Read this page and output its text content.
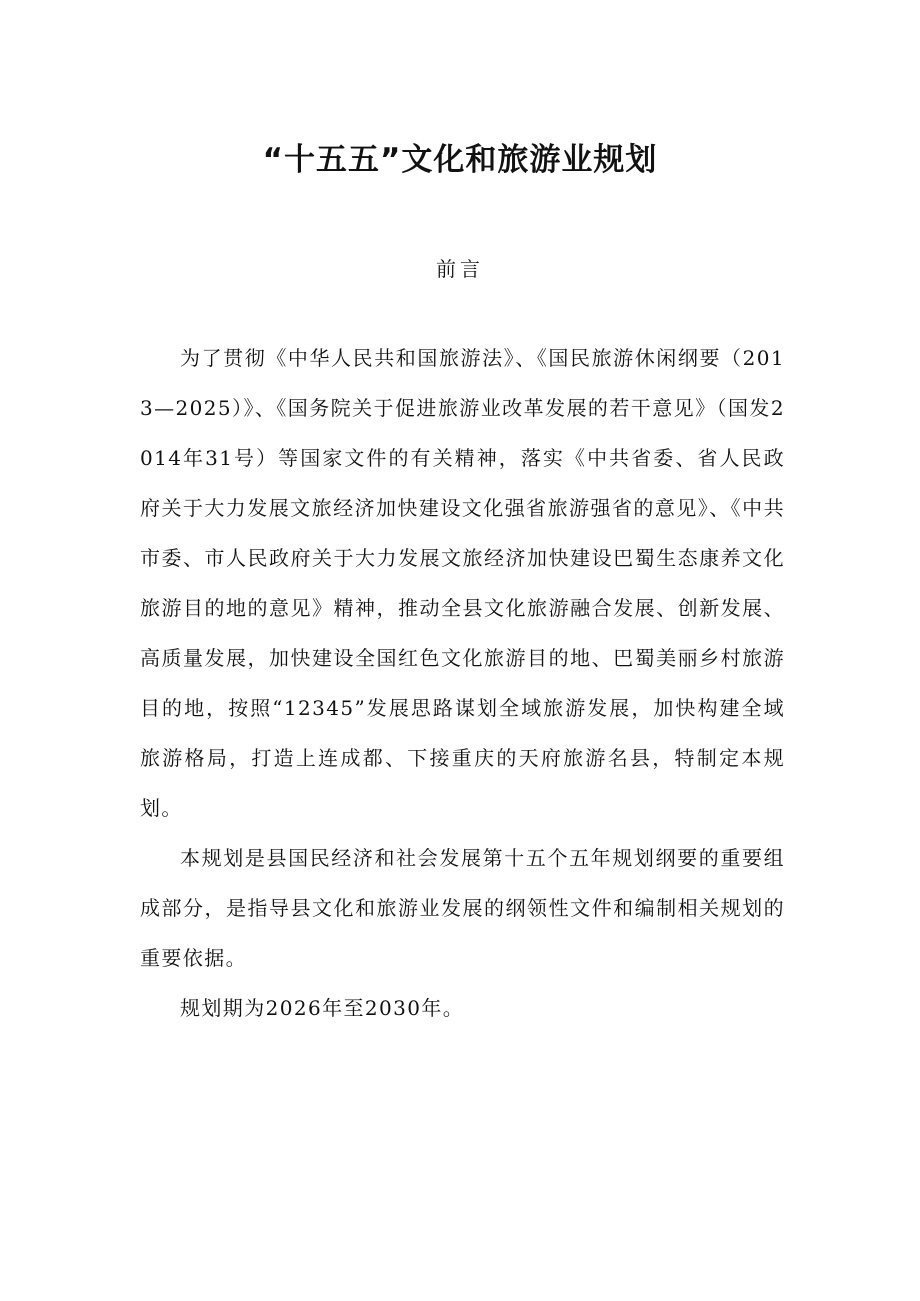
“十五五”文化和旅游业规划
前言

为了贯彻《中华人民共和国旅游法》、《国民旅游休闲纲要（2013—2025）》、《国务院关于促进旅游业改革发展的若干意见》（国发2014年31号）等国家文件的有关精神，落实《中共省委、省人民政府关于大力发展文旅经济加快建设文化强省旅游强省的意见》、《中共市委、市人民政府关于大力发展文旅经济加快建设巴蜀生态康养文化旅游目的地的意见》精神，推动全县文化旅游融合发展、创新发展、高质量发展，加快建设全国红色文化旅游目的地、巴蜀美丽乡村旅游目的地，按照“12345”发展思路谋划全域旅游发展，加快构建全域旅游格局，打造上连成都、下接重庆的天府旅游名县，特制定本规划。

本规划是县国民经济和社会发展第十五个五年规划纲要的重要组成部分，是指导县文化和旅游业发展的纲领性文件和编制相关规划的重要依据。

规划期为2026年至2030年。
